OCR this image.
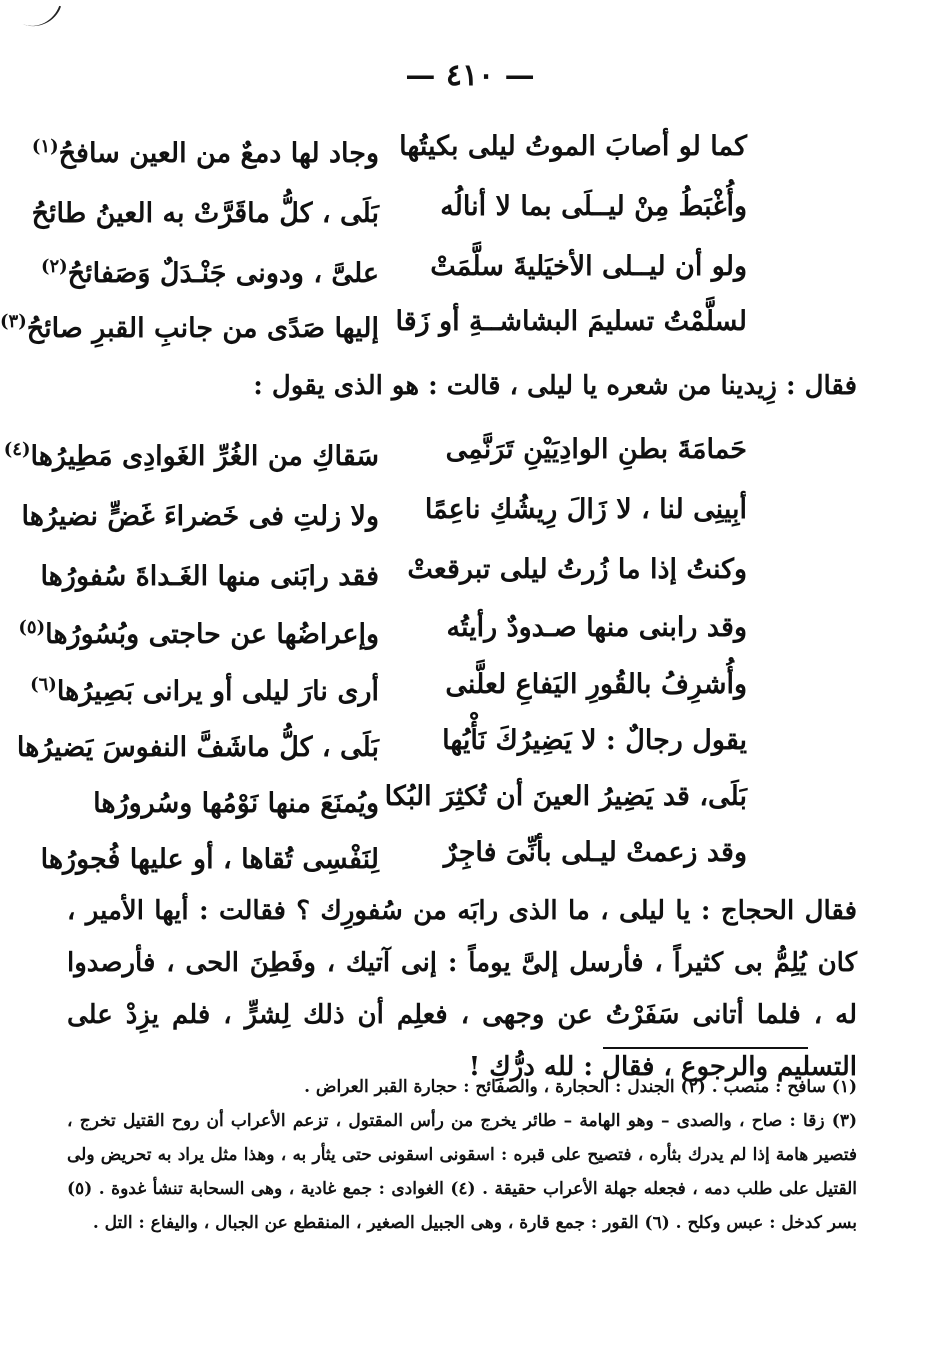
— ٤١٠ —
كما لو أصابَ الموتُ ليلى بكيتُها
وجاد لها دمعٌ من العين سافحُ$^{(١)}$
وأُغْبَطُ مِنْ ليــلَى بما لا أنالُه
بَلَى ، كلُّ ماقَرَّتْ به العينُ طائحُ
ولو أن ليــلى الأخيَليةَ سلَّمَتْ
علىَّ ، ودونى جَنْـدَلٌ وَصَفائحُ$^{(٢)}$
لسلَّمْتُ تسليمَ البشاشــةِ أو زَقا
إليها صَدًى من جانبِ القبرِ صائحُ$^{(٣)}$
فقال : زِيدينا من شعره يا ليلى ، قالت : هو الذى يقول :
حَمامَةَ بطنِ الوادِيَيْنِ تَرَنَّمِى
سَقاكِ من الغُرِّ الغَوادِى مَطِيرُها$^{(٤)}$
أبِينِى لنا ، لا زَالَ رِيشُكِ ناعِمًا
ولا زلتِ فى خَضراءَ غَضٍّ نضيرُها
وكنتُ إذا ما زُرتُ ليلى تبرقعتْ
فقد رابَنى منها الغَـداةَ سُفورُها
وقد رابنى منها صـدودٌ رأيتُه
وإعراضُها عن حاجتى وبُسُورُها$^{(٥)}$
وأُشرِفُ بالقُورِ اليَفاعِ لعلَّنى
أرى نارَ ليلى أو يرانى بَصِيرُها$^{(٦)}$
يقول رجالٌ : لا يَضِيرُكَ نَأْيُها
بَلَى ، كلُّ ماشَفَّ النفوسَ يَضيرُها
بَلَى، قد يَضِيرُ العينَ أن تُكثِرَ البُكا
ويُمنَعَ منها نَوْمُها وسُرورُها
وقد زعمتْ ليـلى بأنِّىَ فاجِرٌ
لِنَفْسِى تُقاها ، أو عليها فُجورُها
فقال الحجاج : يا ليلى ، ما الذى رابَه من سُفورِك ؟ فقالت : أيها الأمير ، كان يُلِمُّ بى كثيراً ، فأرسل إلىَّ يوماً : إنى آتيك ، وفَطِنَ الحى ، فأرصدوا له ، فلما أتانى سَفَرْتُ عن وجهى ، فعلِم أن ذلك لِشرٍّ ، فلم يزِدْ على التسليم والرجوع ، فقال : لله درُّكِ !

(١) سافح : منصب . (٢) الجندل : الحجارة ، والصفائح : حجارة القبر العراض .

(٣) زقا : صاح ، والصدى – وهو الهامة – طائر يخرج من رأس المقتول ، تزعم الأعراب أن روح القتيل تخرج ، فتصير هامة إذا لم يدرك بثأره ، فتصيح على قبره : اسقونى اسقونى حتى يثأر به ، وهذا مثل يراد به تحريض ولى القتيل على طلب دمه ، فجعله جهلة الأعراب حقيقة . (٤) الغوادى : جمع غادية ، وهى السحابة تنشأ غدوة . (٥) بسر كدخل : عبس وكلح . (٦) القور : جمع قارة ، وهى الجبيل الصغير ، المنقطع عن الجبال ، واليفاع : التل .
